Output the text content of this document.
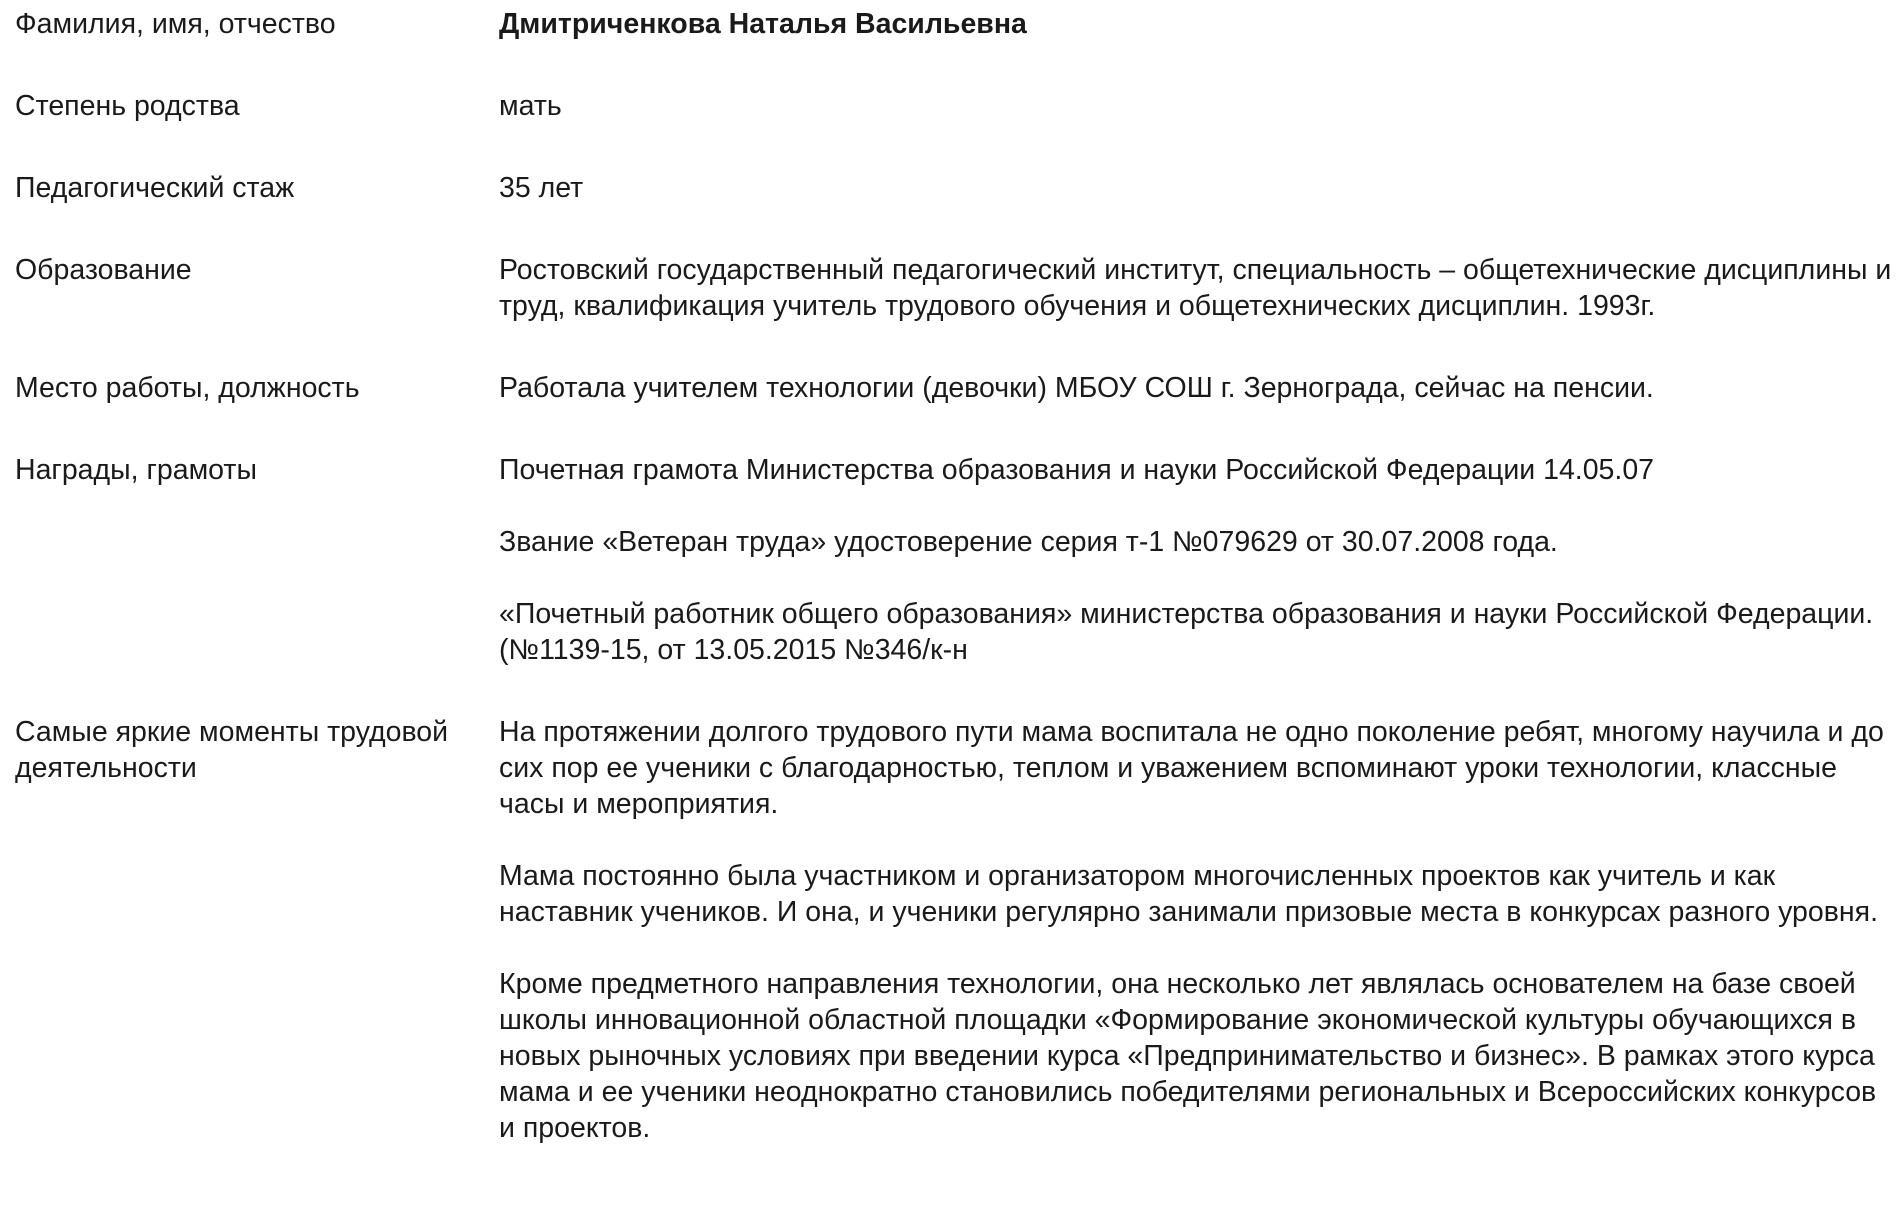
Фамилия, имя, отчество	Дмитриченкова Наталья Васильевна
Степень родства	мать
Педагогический стаж	35 лет
Образование	Ростовский государственный педагогический институт, специальность – общетехнические дисциплины и труд, квалификация учитель трудового обучения и общетехнических дисциплин. 1993г.
Место работы, должность	Работала учителем технологии (девочки) МБОУ СОШ г. Зернограда, сейчас на пенсии.
Награды, грамоты	Почетная грамота Министерства образования и науки Российской Федерации 14.05.07

Звание «Ветеран труда» удостоверение серия т-1 №079629 от 30.07.2008 года.

«Почетный работник общего образования» министерства образования и науки Российской Федерации.(№1139-15, от 13.05.2015 №346/к-н

Самые яркие моменты трудовой деятельности	На протяжении долгого трудового пути мама воспитала не одно поколение ребят, многому научила и до сих пор ее ученики с благодарностью, теплом и уважением вспоминают уроки технологии, классные часы и мероприятия.

Мама постоянно была участником и организатором многочисленных проектов как учитель и как наставник учеников. И она, и ученики регулярно занимали призовые места в конкурсах разного уровня.

Кроме предметного направления технологии, она несколько лет являлась основателем на базе своей школы инновационной областной площадки «Формирование экономической культуры обучающихся в новых рыночных условиях при введении курса «Предпринимательство и бизнес». В рамках этого курса мама и ее ученики неоднократно становились победителями региональных и Всероссийских конкурсов и проектов.
